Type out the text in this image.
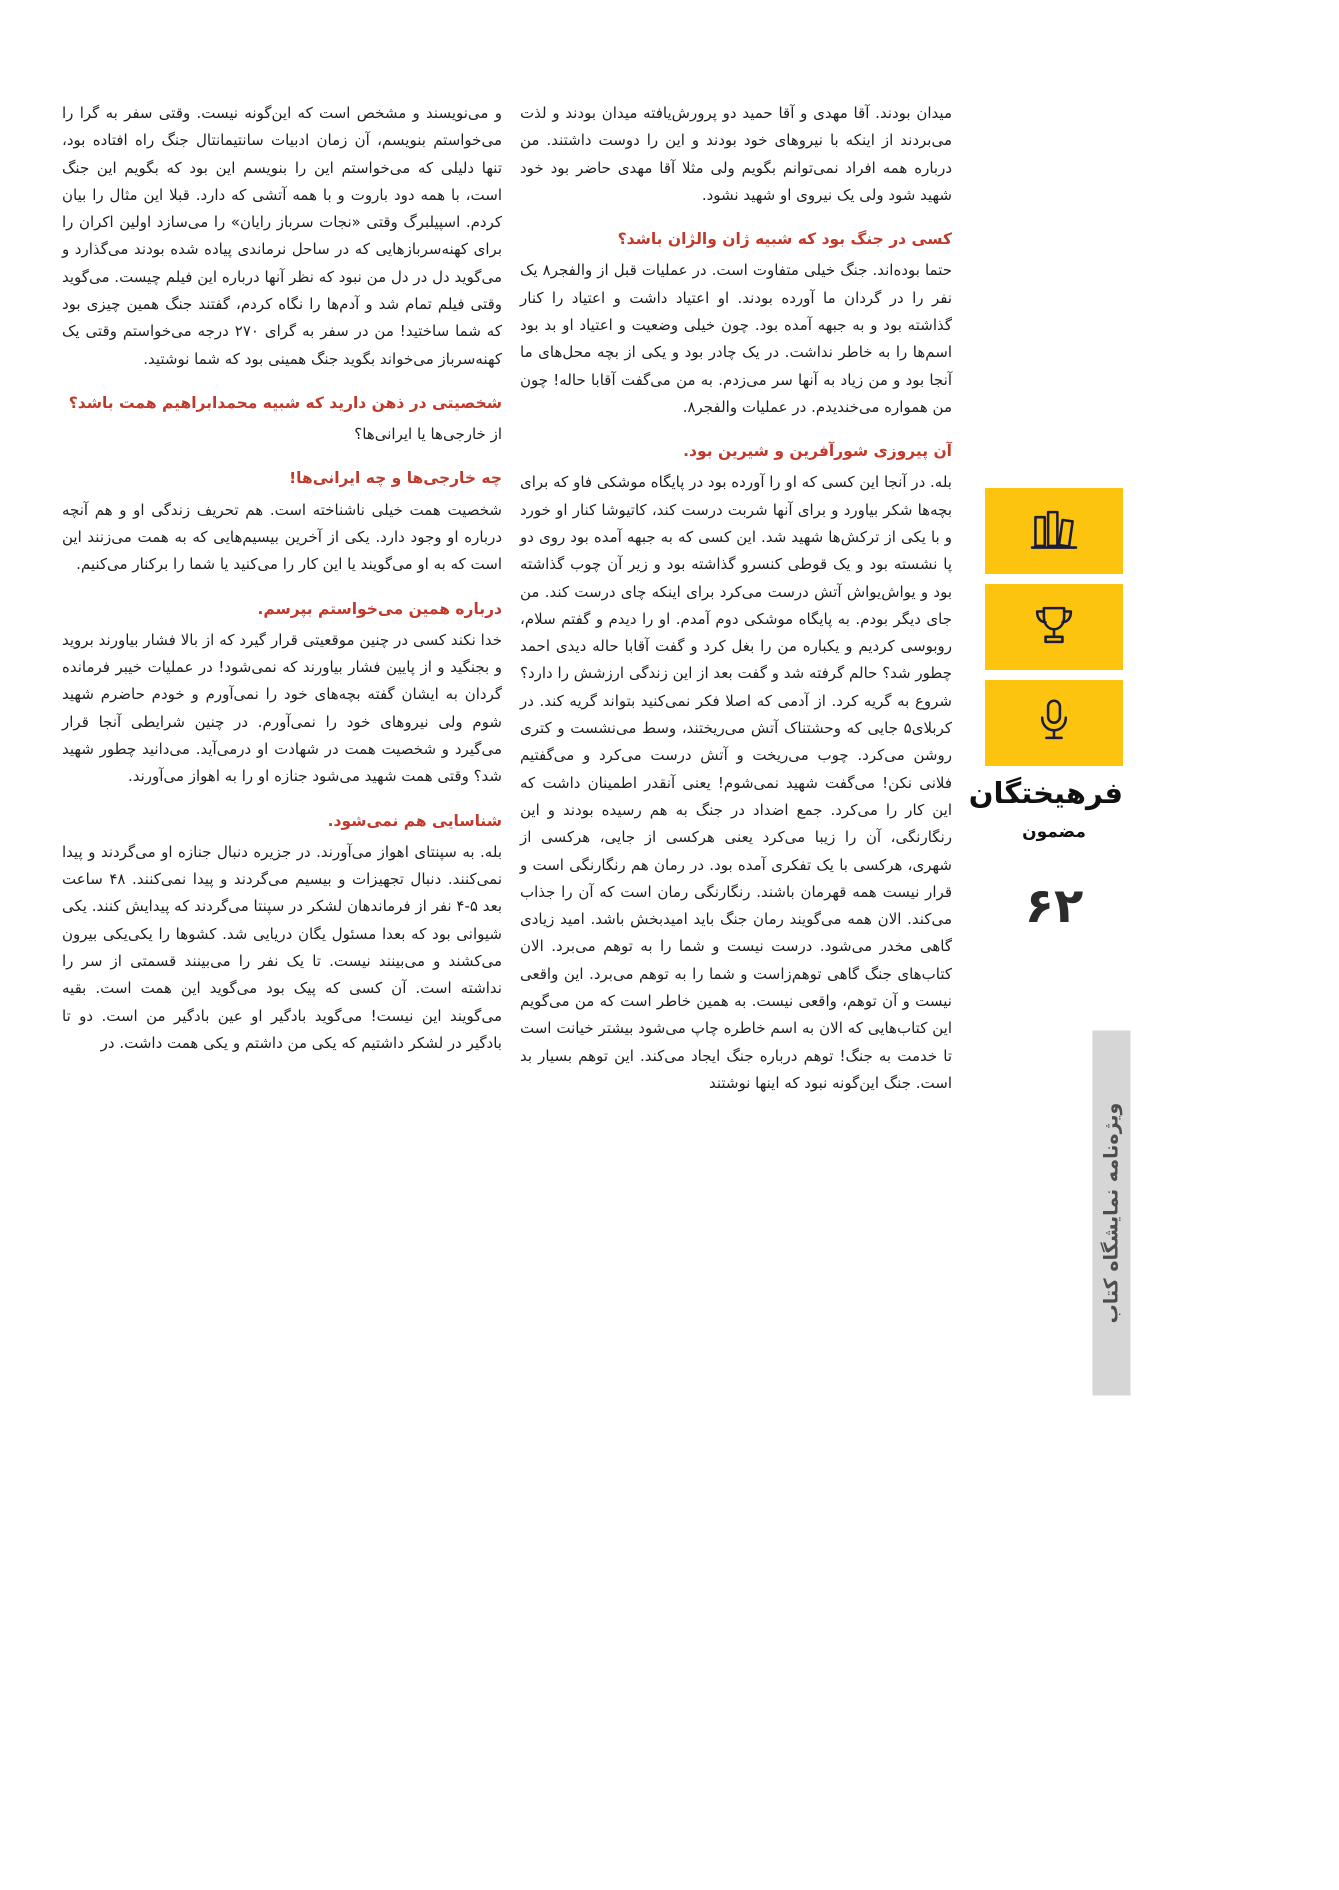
میدان بودند. آقا مهدی و آقا حمید دو پرورش‌یافته میدان بودند و لذت می‌بردند از اینکه با نیروهای خود بودند و این را دوست داشتند. من درباره همه افراد نمی‌توانم بگویم ولی مثلا آقا مهدی حاضر بود خود شهید شود ولی یک نیروی او شهید نشود.

کسی در جنگ بود که شبیه ژان والژان باشد؟

حتما بوده‌اند. جنگ خیلی متفاوت است. در عملیات قبل از والفجر۸ یک نفر را در گردان ما آورده بودند. او اعتیاد داشت و اعتیاد را کنار گذاشته بود و به جبهه آمده بود. چون خیلی وضعیت و اعتیاد او بد بود اسم‌ها را به خاطر نداشت. در یک چادر بود و یکی از بچه محل‌های ما آنجا بود و من زیاد به آنها سر می‌زدم. به من می‌گفت آقابا حاله! چون من همواره می‌خندیدم. در عملیات والفجر۸.

آن پیروزی شورآفرین و شیرین بود.

بله. در آنجا این کسی که او را آورده بود در پایگاه موشکی فاو که برای بچه‌ها شکر بیاورد و برای آنها شربت درست کند، کاتیوشا کنار او خورد و با یکی از ترکش‌ها شهید شد. این کسی که به جبهه آمده بود روی دو پا نشسته بود و یک قوطی کنسرو گذاشته بود و زیر آن چوب گذاشته بود و یواش‌یواش آتش درست می‌کرد برای اینکه چای درست کند. من جای دیگر بودم. به پایگاه موشکی دوم آمدم. او را دیدم و گفتم سلام، روبوسی کردیم و یکباره من را بغل کرد و گفت آقابا حاله دیدی احمد چطور شد؟ حالم گرفته شد و گفت بعد از این زندگی ارزشش را دارد؟ شروع به گریه کرد. از آدمی که اصلا فکر نمی‌کنید بتواند گریه کند. در کربلای۵ جایی که وحشتناک آتش می‌ریختند، وسط می‌نشست و کتری روشن می‌کرد. چوب می‌ریخت و آتش درست می‌کرد و می‌گفتیم فلانی نکن! می‌گفت شهید نمی‌شوم! یعنی آنقدر اطمینان داشت که این کار را می‌کرد. جمع اضداد در جنگ به هم رسیده بودند و این رنگارنگی، آن را زیبا می‌کرد یعنی هرکسی از جایی، هرکسی از شهری، هرکسی با یک تفکری آمده بود. در رمان هم رنگارنگی است و قرار نیست همه قهرمان باشند. رنگارنگی رمان است که آن را جذاب می‌کند. الان همه می‌گویند رمان جنگ باید امیدبخش باشد. امید زیادی گاهی مخدر می‌شود. درست نیست و شما را به توهم می‌برد. الان کتاب‌های جنگ گاهی توهم‌زاست و شما را به توهم می‌برد. این واقعی نیست و آن توهم، واقعی نیست. به همین خاطر است که من می‌گویم این کتاب‌هایی که الان به اسم خاطره چاپ می‌شود بیشتر خیانت است تا خدمت به جنگ! توهم درباره جنگ ایجاد می‌کند. این توهم بسیار بد است. جنگ این‌گونه نبود که اینها نوشتند

و می‌نویسند و مشخص است که این‌گونه نیست. وقتی سفر به گرا را می‌خواستم بنویسم، آن زمان ادبیات سانتیمانتال جنگ راه افتاده بود، تنها دلیلی که می‌خواستم این را بنویسم این بود که بگویم این جنگ است، با همه دود باروت و با همه آتشی که دارد. قبلا این مثال را بیان کردم. اسپیلبرگ وقتی «نجات سرباز رایان» را می‌سازد اولین اکران را برای کهنه‌سربازهایی که در ساحل نرماندی پیاده شده بودند می‌گذارد و می‌گوید دل در دل من نبود که نظر آنها درباره این فیلم چیست. می‌گوید وقتی فیلم تمام شد و آدم‌ها را نگاه کردم، گفتند جنگ همین چیزی بود که شما ساختید! من در سفر به گرای ۲۷۰ درجه می‌خواستم وقتی یک کهنه‌سرباز می‌خواند بگوید جنگ همینی بود که شما نوشتید.

شخصیتی در ذهن دارید که شبیه محمدابراهیم همت باشد؟

از خارجی‌ها یا ایرانی‌ها؟

چه خارجی‌ها و چه ایرانی‌ها!

شخصیت همت خیلی ناشناخته است. هم تحریف زندگی او و هم آنچه درباره او وجود دارد. یکی از آخرین بیسیم‌هایی که به همت می‌زنند این است که به او می‌گویند یا این کار را می‌کنید یا شما را برکنار می‌کنیم.

درباره همین می‌خواستم بپرسم.

خدا نکند کسی در چنین موقعیتی قرار گیرد که از بالا فشار بیاورند بروید و بجنگید و از پایین فشار بیاورند که نمی‌شود! در عملیات خیبر فرمانده گردان به ایشان گفته بچه‌های خود را نمی‌آورم و خودم حاضرم شهید شوم ولی نیروهای خود را نمی‌آورم. در چنین شرایطی آنجا قرار می‌گیرد و شخصیت همت در شهادت او درمی‌آید. می‌دانید چطور شهید شد؟ وقتی همت شهید می‌شود جنازه او را به اهواز می‌آورند.

شناسایی هم نمی‌شود.

بله. به سپنتای اهواز می‌آورند. در جزیره دنبال جنازه او می‌گردند و پیدا نمی‌کنند. دنبال تجهیزات و بیسیم می‌گردند و پیدا نمی‌کنند. ۴۸ ساعت بعد ۵-۴ نفر از فرماندهان لشکر در سپنتا می‌گردند که پیدایش کنند. یکی شیوانی بود که بعدا مسئول یگان دریایی شد. کشوها را یکی‌یکی بیرون می‌کشند و می‌بینند نیست. تا یک نفر را می‌بینند قسمتی از سر را نداشته است. آن کسی که پیک بود می‌گوید این همت است. بقیه می‌گویند این نیست! می‌گوید بادگیر او عین بادگیر من است. دو تا بادگیر در لشکر داشتیم که یکی من داشتم و یکی همت داشت. در

فرهیختگان
مضمون
۶۲
ویژه‌نامه نمایشگاه کتاب
